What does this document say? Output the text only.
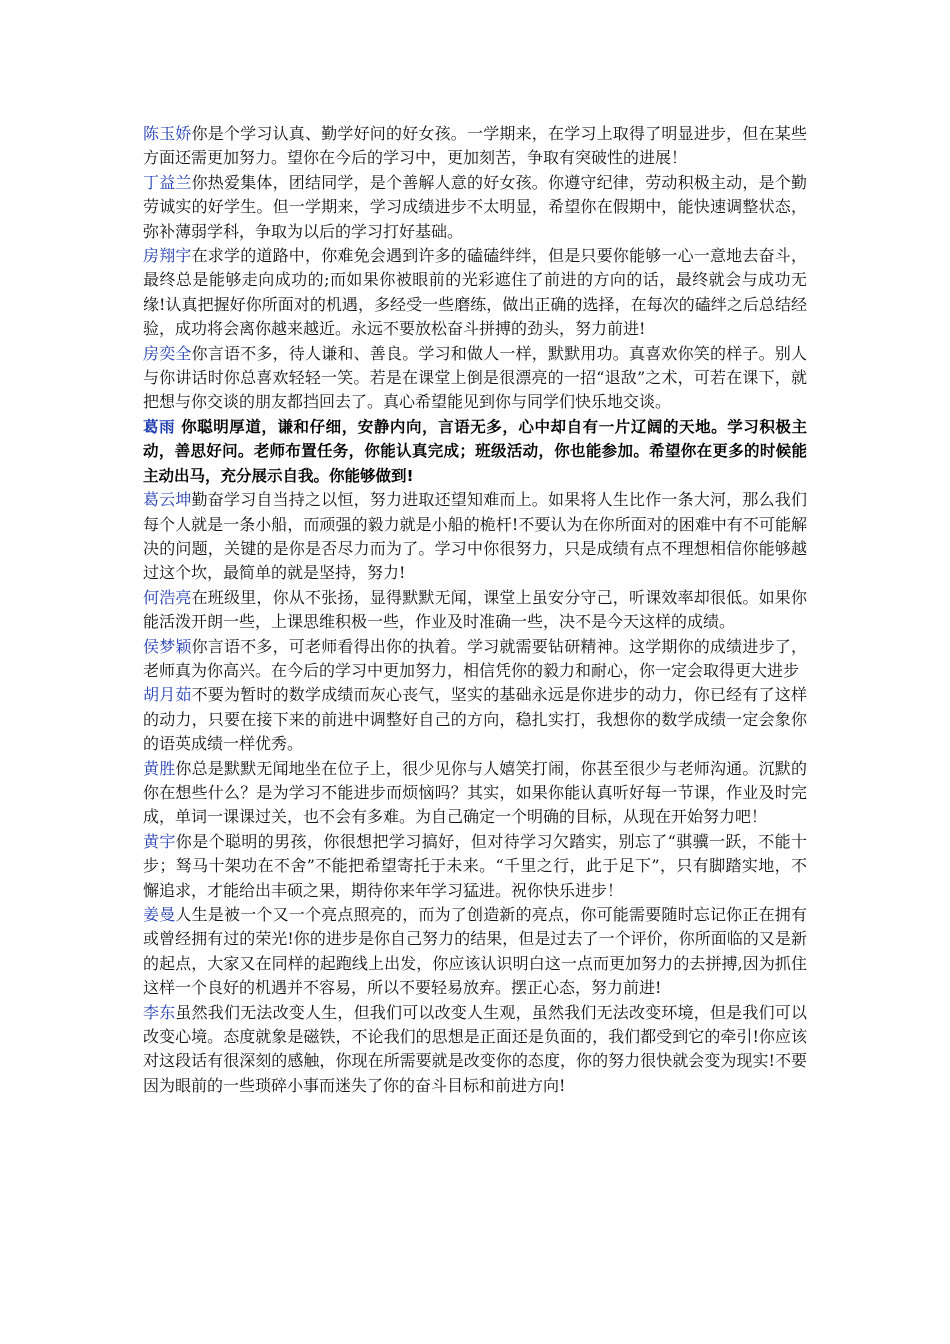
陈玉娇你是个学习认真、勤学好问的好女孩。一学期来，在学习上取得了明显进步，但在某些方面还需更加努力。望你在今后的学习中，更加刻苦，争取有突破性的进展！

丁益兰你热爱集体，团结同学，是个善解人意的好女孩。你遵守纪律，劳动积极主动，是个勤劳诚实的好学生。但一学期来，学习成绩进步不太明显，希望你在假期中，能快速调整状态，弥补薄弱学科，争取为以后的学习打好基础。

房翔宇在求学的道路中，你难免会遇到许多的磕磕绊绊，但是只要你能够一心一意地去奋斗，最终总是能够走向成功的;而如果你被眼前的光彩遮住了前进的方向的话，最终就会与成功无缘!认真把握好你所面对的机遇，多经受一些磨练，做出正确的选择，在每次的磕绊之后总结经验，成功将会离你越来越近。永远不要放松奋斗拼搏的劲头，努力前进!

房奕全你言语不多，待人谦和、善良。学习和做人一样，默默用功。真喜欢你笑的样子。别人与你讲话时你总喜欢轻轻一笑。若是在课堂上倒是很漂亮的一招“退敌”之术，可若在课下，就把想与你交谈的朋友都挡回去了。真心希望能见到你与同学们快乐地交谈。

葛雨 你聪明厚道，谦和仔细，安静内向，言语无多，心中却自有一片辽阔的天地。学习积极主动，善思好问。老师布置任务，你能认真完成；班级活动，你也能参加。希望你在更多的时候能主动出马，充分展示自我。你能够做到!

葛云坤勤奋学习自当持之以恒，努力进取还望知难而上。如果将人生比作一条大河，那么我们每个人就是一条小船，而顽强的毅力就是小船的桅杆!不要认为在你所面对的困难中有不可能解决的问题，关键的是你是否尽力而为了。学习中你很努力，只是成绩有点不理想相信你能够越过这个坎，最简单的就是坚持，努力!

何浩亮在班级里，你从不张扬，显得默默无闻，课堂上虽安分守己，听课效率却很低。如果你能活泼开朗一些，上课思维积极一些，作业及时准确一些，决不是今天这样的成绩。

侯梦颖你言语不多，可老师看得出你的执着。学习就需要钻研精神。这学期你的成绩进步了，老师真为你高兴。在今后的学习中更加努力，相信凭你的毅力和耐心，你一定会取得更大进步

胡月茹不要为暂时的数学成绩而灰心丧气，坚实的基础永远是你进步的动力，你已经有了这样的动力，只要在接下来的前进中调整好自己的方向，稳扎实打，我想你的数学成绩一定会象你的语英成绩一样优秀。

黄胜你总是默默无闻地坐在位子上，很少见你与人嬉笑打闹，你甚至很少与老师沟通。沉默的你在想些什么？是为学习不能进步而烦恼吗？其实，如果你能认真听好每一节课，作业及时完成，单词一课课过关，也不会有多难。为自己确定一个明确的目标，从现在开始努力吧！

黄宇你是个聪明的男孩，你很想把学习搞好，但对待学习欠踏实，别忘了“骐骥一跃，不能十步；驽马十架功在不舍”不能把希望寄托于未来。“千里之行，此于足下”，只有脚踏实地，不懈追求，才能给出丰硕之果，期待你来年学习猛进。祝你快乐进步！

姜曼人生是被一个又一个亮点照亮的，而为了创造新的亮点，你可能需要随时忘记你正在拥有或曾经拥有过的荣光!你的进步是你自己努力的结果，但是过去了一个评价，你所面临的又是新的起点，大家又在同样的起跑线上出发，你应该认识明白这一点而更加努力的去拼搏,因为抓住这样一个良好的机遇并不容易，所以不要轻易放弃。摆正心态，努力前进!

李东虽然我们无法改变人生，但我们可以改变人生观，虽然我们无法改变环境，但是我们可以改变心境。态度就象是磁铁，不论我们的思想是正面还是负面的，我们都受到它的牵引!你应该对这段话有很深刻的感触，你现在所需要就是改变你的态度，你的努力很快就会变为现实!不要因为眼前的一些琐碎小事而迷失了你的奋斗目标和前进方向!
